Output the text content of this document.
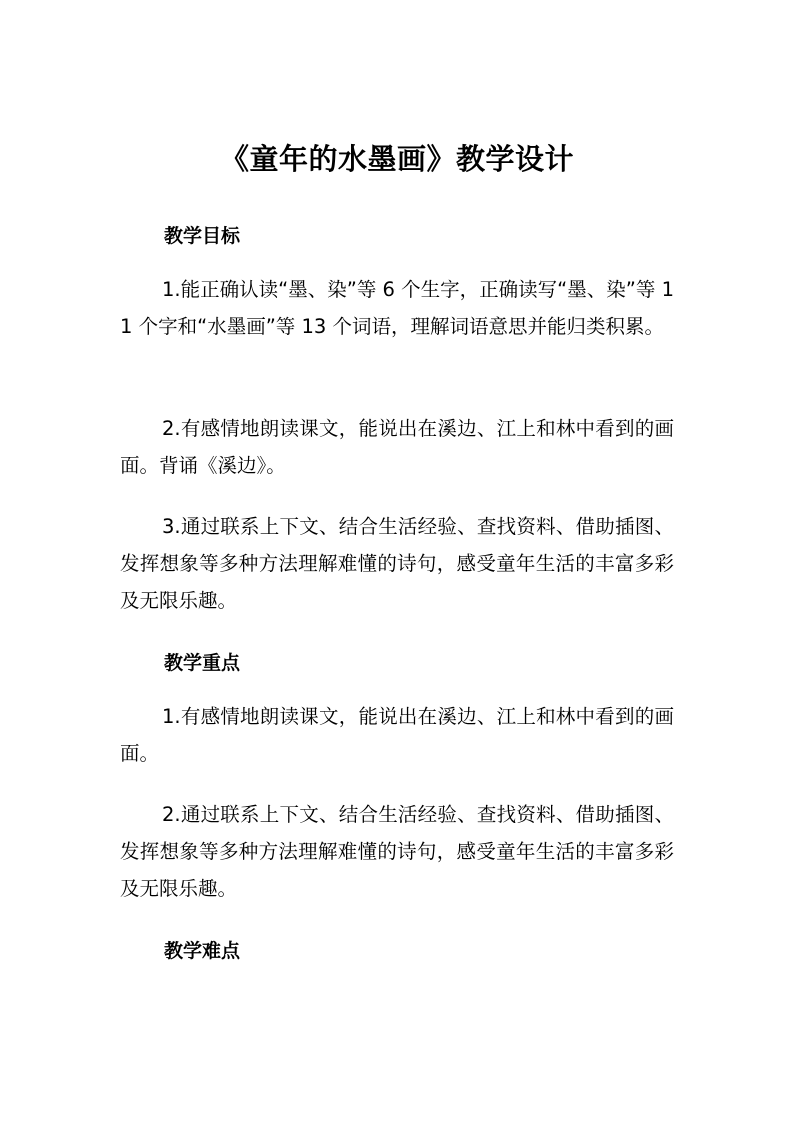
《童年的水墨画》教学设计
教学目标

1.能正确认读“墨、染”等 6 个生字，正确读写“墨、染”等 11 个字和“水墨画”等 13 个词语，理解词语意思并能归类积累。

2.有感情地朗读课文，能说出在溪边、江上和林中看到的画面。背诵《溪边》。

3.通过联系上下文、结合生活经验、查找资料、借助插图、发挥想象等多种方法理解难懂的诗句，感受童年生活的丰富多彩及无限乐趣。

教学重点

1.有感情地朗读课文，能说出在溪边、江上和林中看到的画面。

2.通过联系上下文、结合生活经验、查找资料、借助插图、发挥想象等多种方法理解难懂的诗句，感受童年生活的丰富多彩及无限乐趣。

教学难点
